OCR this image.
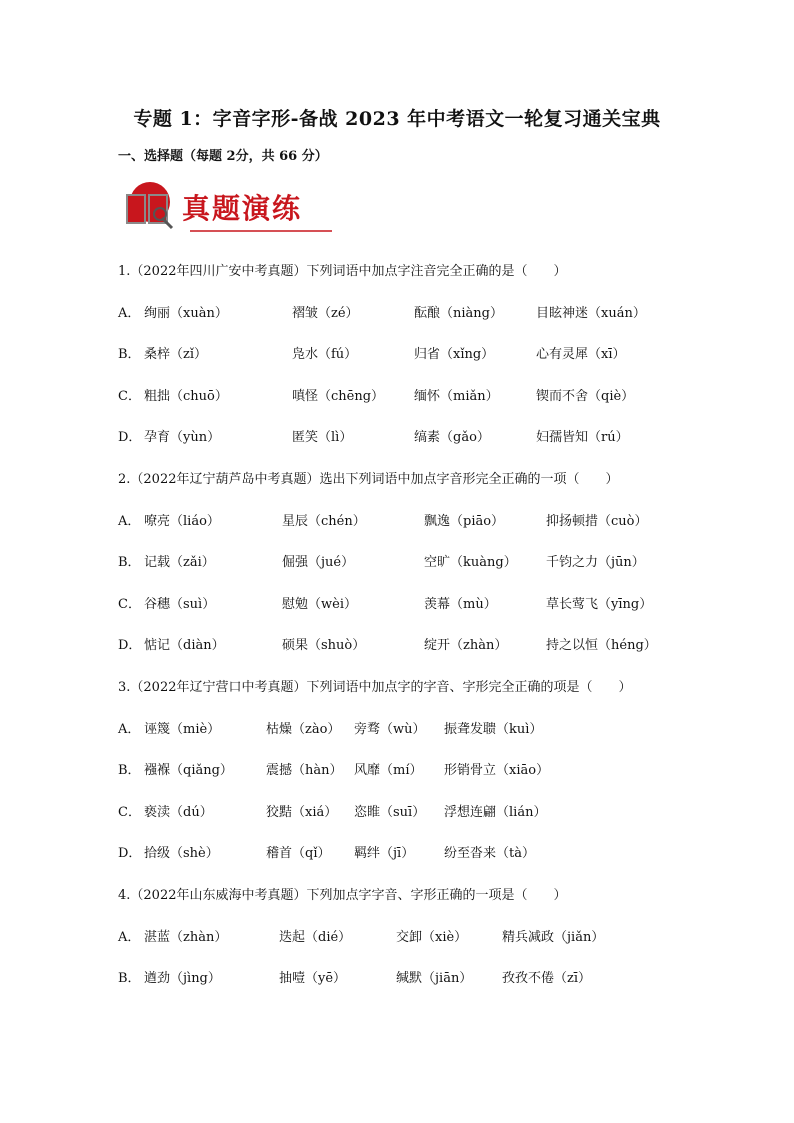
专题 1：字音字形-备战 2023 年中考语文一轮复习通关宝典
一、选择题（每题 2分，共 66 分）
真题演练
1.（2022年四川广安中考真题）下列词语中加点字注音完全正确的是（　　）
A． 绚丽（xuàn）	褶皱（zé）	酝酿（niàng）	目眩神迷（xuán）
B． 桑梓（zǐ）	凫水（fú）	归省（xǐng）	心有灵犀（xī）
C． 粗拙（chuō）	嗔怪（chēng） 缅怀（miǎn）	锲而不舍（qiè）
D． 孕育（yùn）	匿笑（lì）	缟素（gǎo）	妇孺皆知（rú）
2.（2022年辽宁葫芦岛中考真题）选出下列词语中加点字音形完全正确的一项（　　）
A． 嘹亮（liáo）	星辰（chén）	飘逸（piāo）	抑扬顿措（cuò）
B． 记载（zǎi）	倔强（jué）	空旷（kuàng） 千钧之力（jūn）
C． 谷穗（suì）	慰勉（wèi）	羡幕（mù）	草长莺飞（yīng）
D． 惦记（diàn）	硕果（shuò）	绽开（zhàn）	持之以恒（héng）
3.（2022年辽宁营口中考真题）下列词语中加点字的字音、字形完全正确的项是（　　）
A． 诬篾（miè）	枯燥（zào） 旁骛（wù） 振聋发聩（kuì）
B． 襁褓（qiǎng）	震撼（hàn） 风靡（mí） 形销骨立（xiāo）
C． 亵渎（dú）	狡黠（xiá） 恣睢（suī） 浮想连翩（lián）
D． 拾级（shè）	稽首（qǐ） 羁绊（jī） 纷至沓来（tà）
4.（2022年山东威海中考真题）下列加点字字音、字形正确的一项是（　　）
A． 湛蓝（zhàn）	迭起（dié）	交卸（xiè）	精兵减政（jiǎn）
B． 遒劲（jìng）	抽噎（yē）	缄默（jiān） 孜孜不倦（zī）
